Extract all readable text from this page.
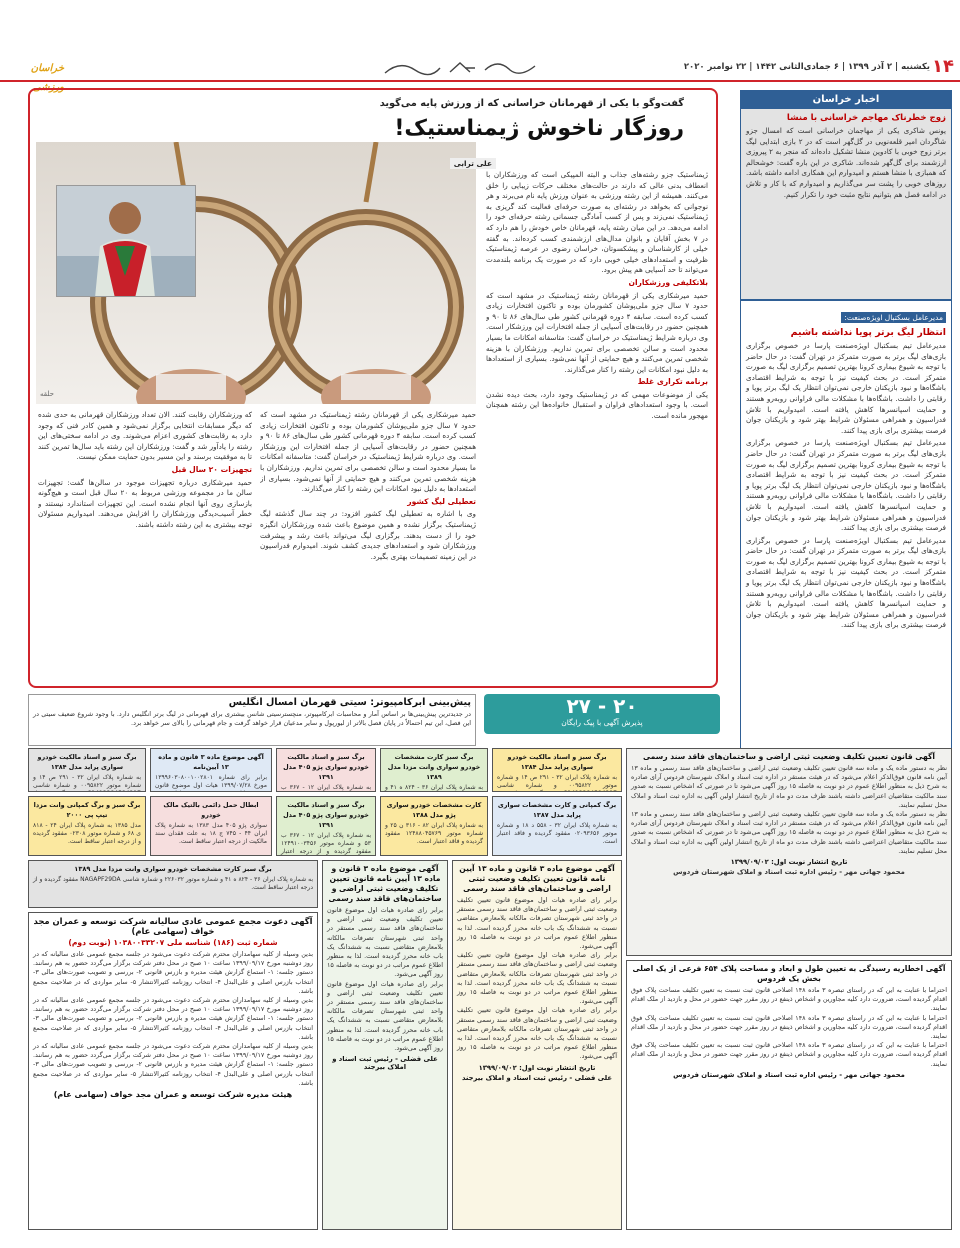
۱۴
یکشنبه | ۲ آذر ۱۳۹۹ | ۶ جمادی‌الثانی ۱۴۴۲ | ۲۲ نوامبر ۲۰۲۰
خراسان ورزشی
اخبار خراسان
زوج خطرناک مهاجم خراسانی با منشا
یونس شاکری یکی از مهاجمان خراسانی است که امسال جزو شاگردان امیر قلعه‌نویی در گل‌گهر است که در ۲ بازی ابتدایی لیگ برتر زوج خوبی با کادوین منشا تشکیل داده‌اند که منجر به ۲ پیروزی ارزشمند برای گل‌گهر شده‌اند. شاکری در این باره گفت: خوشحالم که همبازی با منشا هستم و امیدوارم این همکاری ادامه داشته باشد. روزهای خوبی را پشت سر می‌گذاریم و امیدوارم که با کار و تلاش در ادامه فصل هم بتوانیم نتایج مثبت خود را تکرار کنیم.
مدیرعامل بسکتبال اویژه‌صنعت:
انتظار لیگ برتر پویا نداشته باشیم
مدیرعامل تیم بسکتبال اویژه‌صنعت پارسا در خصوص برگزاری بازی‌های لیگ برتر به صورت متمرکز در تهران گفت: در حال حاضر با توجه به شیوع بیماری کرونا بهترین تصمیم برگزاری لیگ به صورت متمرکز است. در بحث کیفیت نیز با توجه به شرایط اقتصادی باشگاه‌ها و نبود بازیکنان خارجی نمی‌توان انتظار یک لیگ برتر پویا و رقابتی را داشت. باشگاه‌ها با مشکلات مالی فراوانی روبه‌رو هستند و حمایت اسپانسرها کاهش یافته است. امیدواریم با تلاش فدراسیون و همراهی مسئولان شرایط بهتر شود و بازیکنان جوان فرصت بیشتری برای بازی پیدا کنند.
مدیرعامل تیم بسکتبال اویژه‌صنعت پارسا در خصوص برگزاری بازی‌های لیگ برتر به صورت متمرکز در تهران گفت: در حال حاضر با توجه به شیوع بیماری کرونا بهترین تصمیم برگزاری لیگ به صورت متمرکز است. در بحث کیفیت نیز با توجه به شرایط اقتصادی باشگاه‌ها و نبود بازیکنان خارجی نمی‌توان انتظار یک لیگ برتر پویا و رقابتی را داشت. باشگاه‌ها با مشکلات مالی فراوانی روبه‌رو هستند و حمایت اسپانسرها کاهش یافته است. امیدواریم با تلاش فدراسیون و همراهی مسئولان شرایط بهتر شود و بازیکنان جوان فرصت بیشتری برای بازی پیدا کنند.
مدیرعامل تیم بسکتبال اویژه‌صنعت پارسا در خصوص برگزاری بازی‌های لیگ برتر به صورت متمرکز در تهران گفت: در حال حاضر با توجه به شیوع بیماری کرونا بهترین تصمیم برگزاری لیگ به صورت متمرکز است. در بحث کیفیت نیز با توجه به شرایط اقتصادی باشگاه‌ها و نبود بازیکنان خارجی نمی‌توان انتظار یک لیگ برتر پویا و رقابتی را داشت. باشگاه‌ها با مشکلات مالی فراوانی روبه‌رو هستند و حمایت اسپانسرها کاهش یافته است. امیدواریم با تلاش فدراسیون و همراهی مسئولان شرایط بهتر شود و بازیکنان جوان فرصت بیشتری برای بازی پیدا کنند.
گفت‌وگو با یکی از قهرمانان خراسانی که از ورزش پایه می‌گوید
روزگار ناخوش ژیمناستیک!
حلقه
علی ترابی

ژیمناستیک جزو رشته‌های جذاب و البته المپیکی است که ورزشکاران با انعطاف بدنی عالی که دارند در حالت‌های مختلف حرکات زیبایی را خلق می‌کنند. همیشه از این رشته ورزشی به عنوان ورزش پایه نام می‌برند و هر نوجوانی که بخواهد در رشته‌ای به صورت حرفه‌ای فعالیت کند گریزی به ژیمناستیک نمی‌زند و پس از کسب آمادگی جسمانی رشته حرفه‌ای خود را ادامه می‌دهد. در این میان رشته پایه، قهرمانان خاص خودش را هم دارد که در ۷ بخش آقایان و بانوان مدال‌های ارزشمندی کسب کرده‌اند. به گفته خیلی از کارشناسان و پیشکسوتان، خراسان رضوی در عرصه ژیمناستیک ظرفیت و استعدادهای خیلی خوبی دارد که در صورت یک برنامه بلندمدت می‌تواند تا حد آسیایی هم پیش برود.

بلاتکلیفی ورزشکاران

حمید میرشکاری یکی از قهرمانان رشته ژیمناستیک در مشهد است که حدود ۷ سال جزو ملی‌پوشان کشورمان بوده و تاکنون افتخارات زیادی کسب کرده است. سابقه ۴ دوره قهرمانی کشور طی سال‌های ۸۶ تا ۹۰ و همچنین حضور در رقابت‌های آسیایی از جمله افتخارات این ورزشکار است. وی درباره شرایط ژیمناستیک در خراسان گفت: متاسفانه امکانات ما بسیار محدود است و سالن تخصصی برای تمرین نداریم. ورزشکاران با هزینه شخصی تمرین می‌کنند و هیچ حمایتی از آنها نمی‌شود. بسیاری از استعدادها به دلیل نبود امکانات این رشته را کنار می‌گذارند.

برنامه تکراری غلط

یکی از موضوعات مهمی که در ژیمناستیک وجود دارد، بحث دیده نشدن است. با وجود استعدادهای فراوان و استقبال خانواده‌ها این رشته همچنان مهجور مانده است.

حمید میرشکاری یکی از قهرمانان رشته ژیمناستیک در مشهد است که حدود ۷ سال جزو ملی‌پوشان کشورمان بوده و تاکنون افتخارات زیادی کسب کرده است. سابقه ۴ دوره قهرمانی کشور طی سال‌های ۸۶ تا ۹۰ و همچنین حضور در رقابت‌های آسیایی از جمله افتخارات این ورزشکار است. وی درباره شرایط ژیمناستیک در خراسان گفت: متاسفانه امکانات ما بسیار محدود است و سالن تخصصی برای تمرین نداریم. ورزشکاران با هزینه شخصی تمرین می‌کنند و هیچ حمایتی از آنها نمی‌شود. بسیاری از استعدادها به دلیل نبود امکانات این رشته را کنار می‌گذارند.

تعطیلی لیگ کشور

وی با اشاره به تعطیلی لیگ کشور افزود: در چند سال گذشته لیگ ژیمناستیک برگزار نشده و همین موضوع باعث شده ورزشکاران انگیزه خود را از دست بدهند. برگزاری لیگ می‌تواند باعث رشد و پیشرفت ورزشکاران شود و استعدادهای جدیدی کشف شوند. امیدوارم فدراسیون در این زمینه تصمیمات بهتری بگیرد.

که ورزشکاران رقابت کنند. الان تعداد ورزشکاران قهرمانی به حدی شده که دیگر مسابقات انتخابی برگزار نمی‌شود و همین کادر فنی که وجود دارد به رقابت‌های کشوری اعزام می‌شوند. وی در ادامه سختی‌های این رشته را یادآور شد و گفت: ورزشکاران این رشته باید سال‌ها تمرین کنند تا به موفقیت برسند و این مسیر بدون حمایت ممکن نیست.

تجهیزات ۲۰ سال قبل

حمید میرشکاری درباره تجهیزات موجود در سالن‌ها گفت: تجهیزات سالن ما در مجموعه ورزشی مربوط به ۲۰ سال قبل است و هیچ‌گونه بازسازی روی آنها انجام نشده است. این تجهیزات استاندارد نیستند و خطر آسیب‌دیدگی ورزشکاران را افزایش می‌دهند. امیدواریم مسئولان توجه بیشتری به این رشته داشته باشند.

۲۰ - ۲۷
پذیرش آگهی با پیک رایگان
پیش‌بینی ابرکامپیوتر: سیتی قهرمان امسال انگلیس
در جدیدترین پیش‌بینی‌ها بر اساس آمار و محاسبات ابرکامپیوتر، منچسترسیتی شانس بیشتری برای قهرمانی در لیگ برتر انگلیس دارد. با وجود شروع ضعیف سیتی در این فصل، این تیم احتمالاً در پایان فصل بالاتر از لیورپول و سایر مدعیان قرار خواهد گرفت و جام قهرمانی را بالای سر خواهد برد.
آگهی قانون تعیین تکلیف وضعیت ثبتی اراضی و ساختمان‌های فاقد سند رسمی
نظر به دستور ماده یک و ماده سه قانون تعیین تکلیف وضعیت ثبتی اراضی و ساختمان‌های فاقد سند رسمی و ماده ۱۳ آیین نامه قانون فوق‌الذکر اعلام می‌شود که در هیئت مستقر در اداره ثبت اسناد و املاک شهرستان فردوس آرای صادره به شرح ذیل به منظور اطلاع عموم در دو نوبت به فاصله ۱۵ روز آگهی می‌شود تا در صورتی که اشخاص نسبت به صدور سند مالکیت متقاضیان اعتراضی داشته باشند ظرف مدت دو ماه از تاریخ انتشار اولین آگهی به اداره ثبت اسناد و املاک محل تسلیم نمایند.
نظر به دستور ماده یک و ماده سه قانون تعیین تکلیف وضعیت ثبتی اراضی و ساختمان‌های فاقد سند رسمی و ماده ۱۳ آیین نامه قانون فوق‌الذکر اعلام می‌شود که در هیئت مستقر در اداره ثبت اسناد و املاک شهرستان فردوس آرای صادره به شرح ذیل به منظور اطلاع عموم در دو نوبت به فاصله ۱۵ روز آگهی می‌شود تا در صورتی که اشخاص نسبت به صدور سند مالکیت متقاضیان اعتراضی داشته باشند ظرف مدت دو ماه از تاریخ انتشار اولین آگهی به اداره ثبت اسناد و املاک محل تسلیم نمایند.
تاریخ انتشار نوبت اول: ۱۳۹۹/۰۹/۰۲
محمود جهانی مهر - رئیس اداره ثبت اسناد و املاک شهرستان فردوس
برگ سبز و اسناد مالکیت خودرو سواری پراید مدل ۱۳۸۴
به شماره پلاک ایران ۳۲ - ۲۹۱ ص ۱۴ و شماره موتور ۰۰۹۵۸۲۲ و شماره شاسی
برگ سبز کارت مشخصات خودرو سواری وانت مزدا مدل ۱۳۸۹
به شماره پلاک ایران ۳۶ - ۸۲۴ ه ۴۱ و
برگ سبز و اسناد مالکیت خودرو سواری پژو ۴۰۵ مدل ۱۳۹۱
به شماره پلاک ایران ۱۲ - ۳۶۷ ب
برگ کمپانی و کارت مشخصات سواری پراید مدل ۱۳۸۷
به شماره پلاک ایران ۳۲ - ۵۵۸ د ۱۸ و شماره موتور ۰۲۰۹۳۶۵۶ مفقود گردیده و فاقد اعتبار است.
کارت مشخصات خودرو سواری پژو مدل ۱۳۸۸
به شماره پلاک ایران ۸۲ - ۳۱۶ ن ۲۵ و شماره موتور ۱۲۴۸۸۰۴۵۷۶۹ مفقود گردیده و فاقد اعتبار است.
برگ سبز و اسناد مالکیت خودرو سواری پژو ۴۰۵ مدل ۱۳۹۱
به شماره پلاک ایران ۱۲ - ۳۶۷ ب ۵۳ و شماره موتور ۱۲۴۹۱۰۰۳۴۵۶ مفقود گردیده و از درجه اعتبار
ابطال حمل دائمی بالتیک مالک خودرو
سواری پژو ۴۰۵ مدل ۱۳۸۳ به شماره پلاک ایران ۴۴ - ۷۴۵ ج ۱۸ به علت فقدان سند مالکیت از درجه اعتبار ساقط است.
برگ سبز و برگ کمپانی وانت مزدا تیپ پی ۲۰۰۰
مدل ۱۳۸۵ به شماره پلاک ایران ۲۴ - ۸۱۸ ی ۶۸ و شماره موتور ۰۲۳۰۸ مفقود گردیده و از درجه اعتبار ساقط است.
آگهی موضوع ماده ۳ قانون و ماده ۱۳ آیین‌نامه
برابر رای شماره ۱۳۹۹۶۰۳۰۸۰۰۱۰۰۲۸۰۱ مورخ ۱۳۹۹/۰۷/۲۸ هیات اول موضوع قانون
برگ سبز و اسناد مالکیت خودرو سواری پراید مدل ۱۳۸۴
به شماره پلاک ایران ۳۲ - ۲۹۱ ص ۱۴ و شماره موتور ۰۰۹۵۸۲۲ و شماره شاسی
آگهی موضوع ماده ۳ قانون و ماده ۱۳ آیین نامه قانون تعیین تکلیف وضعیت ثبتی اراضی و ساختمان‌های فاقد سند رسمی
برابر رای صادره هیات اول موضوع قانون تعیین تکلیف وضعیت ثبتی اراضی و ساختمان‌های فاقد سند رسمی مستقر در واحد ثبتی شهرستان تصرفات مالکانه بلامعارض متقاضی نسبت به ششدانگ یک باب خانه محرز گردیده است. لذا به منظور اطلاع عموم مراتب در دو نوبت به فاصله ۱۵ روز آگهی می‌شود.
برابر رای صادره هیات اول موضوع قانون تعیین تکلیف وضعیت ثبتی اراضی و ساختمان‌های فاقد سند رسمی مستقر در واحد ثبتی شهرستان تصرفات مالکانه بلامعارض متقاضی نسبت به ششدانگ یک باب خانه محرز گردیده است. لذا به منظور اطلاع عموم مراتب در دو نوبت به فاصله ۱۵ روز آگهی می‌شود.
برابر رای صادره هیات اول موضوع قانون تعیین تکلیف وضعیت ثبتی اراضی و ساختمان‌های فاقد سند رسمی مستقر در واحد ثبتی شهرستان تصرفات مالکانه بلامعارض متقاضی نسبت به ششدانگ یک باب خانه محرز گردیده است. لذا به منظور اطلاع عموم مراتب در دو نوبت به فاصله ۱۵ روز آگهی می‌شود.
تاریخ انتشار نوبت اول: ۱۳۹۹/۰۹/۰۲
علی فضلی - رئیس ثبت اسناد و املاک بیرجند
آگهی موضوع ماده ۳ قانون و ماده ۱۳ آیین نامه قانون تعیین تکلیف وضعیت ثبتی اراضی و ساختمان‌های فاقد سند رسمی
برابر رای صادره هیات اول موضوع قانون تعیین تکلیف وضعیت ثبتی اراضی و ساختمان‌های فاقد سند رسمی مستقر در واحد ثبتی شهرستان تصرفات مالکانه بلامعارض متقاضی نسبت به ششدانگ یک باب خانه محرز گردیده است. لذا به منظور اطلاع عموم مراتب در دو نوبت به فاصله ۱۵ روز آگهی می‌شود.
برابر رای صادره هیات اول موضوع قانون تعیین تکلیف وضعیت ثبتی اراضی و ساختمان‌های فاقد سند رسمی مستقر در واحد ثبتی شهرستان تصرفات مالکانه بلامعارض متقاضی نسبت به ششدانگ یک باب خانه محرز گردیده است. لذا به منظور اطلاع عموم مراتب در دو نوبت به فاصله ۱۵ روز آگهی می‌شود.
علی فضلی - رئیس ثبت اسناد و املاک بیرجند
آگهی اخطاریه رسیدگی به تعیین طول و ابعاد و مساحت پلاک ۶۵۴ فرعی از یک اصلی بخش یک فردوس
احتراما با عنایت به این که در راستای تبصره ۳ ماده ۱۴۸ اصلاحی قانون ثبت نسبت به تعیین تکلیف مساحت پلاک فوق اقدام گردیده است، ضرورت دارد کلیه مجاورین و اشخاص ذینفع در روز مقرر جهت حضور در محل و بازدید از ملک اقدام نمایند.
احتراما با عنایت به این که در راستای تبصره ۳ ماده ۱۴۸ اصلاحی قانون ثبت نسبت به تعیین تکلیف مساحت پلاک فوق اقدام گردیده است، ضرورت دارد کلیه مجاورین و اشخاص ذینفع در روز مقرر جهت حضور در محل و بازدید از ملک اقدام نمایند.
احتراما با عنایت به این که در راستای تبصره ۳ ماده ۱۴۸ اصلاحی قانون ثبت نسبت به تعیین تکلیف مساحت پلاک فوق اقدام گردیده است، ضرورت دارد کلیه مجاورین و اشخاص ذینفع در روز مقرر جهت حضور در محل و بازدید از ملک اقدام نمایند.
محمود جهانی مهر - رئیس اداره ثبت اسناد و املاک شهرستان فردوس
آگهی دعوت مجمع عمومی عادی سالیانه شرکت توسعه و عمران مجد خواف (سهامی عام)
شماره ثبت (۱۸۶) شناسه ملی ۱۰۳۸۰۰۳۳۲۰۷ (نوبت دوم)
بدین وسیله از کلیه سهامداران محترم شرکت دعوت می‌شود در جلسه مجمع عمومی عادی سالیانه که در روز دوشنبه مورخ ۱۳۹۹/۰۹/۱۷ ساعت ۱۰ صبح در محل دفتر شرکت برگزار می‌گردد حضور به هم رسانند. دستور جلسه: ۱- استماع گزارش هیئت مدیره و بازرس قانونی ۲- بررسی و تصویب صورت‌های مالی ۳- انتخاب بازرس اصلی و علی‌البدل ۴- انتخاب روزنامه کثیرالانتشار ۵- سایر مواردی که در صلاحیت مجمع باشد.
بدین وسیله از کلیه سهامداران محترم شرکت دعوت می‌شود در جلسه مجمع عمومی عادی سالیانه که در روز دوشنبه مورخ ۱۳۹۹/۰۹/۱۷ ساعت ۱۰ صبح در محل دفتر شرکت برگزار می‌گردد حضور به هم رسانند. دستور جلسه: ۱- استماع گزارش هیئت مدیره و بازرس قانونی ۲- بررسی و تصویب صورت‌های مالی ۳- انتخاب بازرس اصلی و علی‌البدل ۴- انتخاب روزنامه کثیرالانتشار ۵- سایر مواردی که در صلاحیت مجمع باشد.
بدین وسیله از کلیه سهامداران محترم شرکت دعوت می‌شود در جلسه مجمع عمومی عادی سالیانه که در روز دوشنبه مورخ ۱۳۹۹/۰۹/۱۷ ساعت ۱۰ صبح در محل دفتر شرکت برگزار می‌گردد حضور به هم رسانند. دستور جلسه: ۱- استماع گزارش هیئت مدیره و بازرس قانونی ۲- بررسی و تصویب صورت‌های مالی ۳- انتخاب بازرس اصلی و علی‌البدل ۴- انتخاب روزنامه کثیرالانتشار ۵- سایر مواردی که در صلاحیت مجمع باشد.
هیئت مدیره شرکت توسعه و عمران مجد خواف (سهامی عام)
برگ سبز کارت مشخصات خودرو سواری وانت مزدا مدل ۱۳۸۹
به شماره پلاک ایران ۳۶ - ۸۲۴ ه ۴۱ و شماره موتور ۲۲۶۰۳۲ و شماره شاسی NAGAPF29DA مفقود گردیده و از درجه اعتبار ساقط است.
